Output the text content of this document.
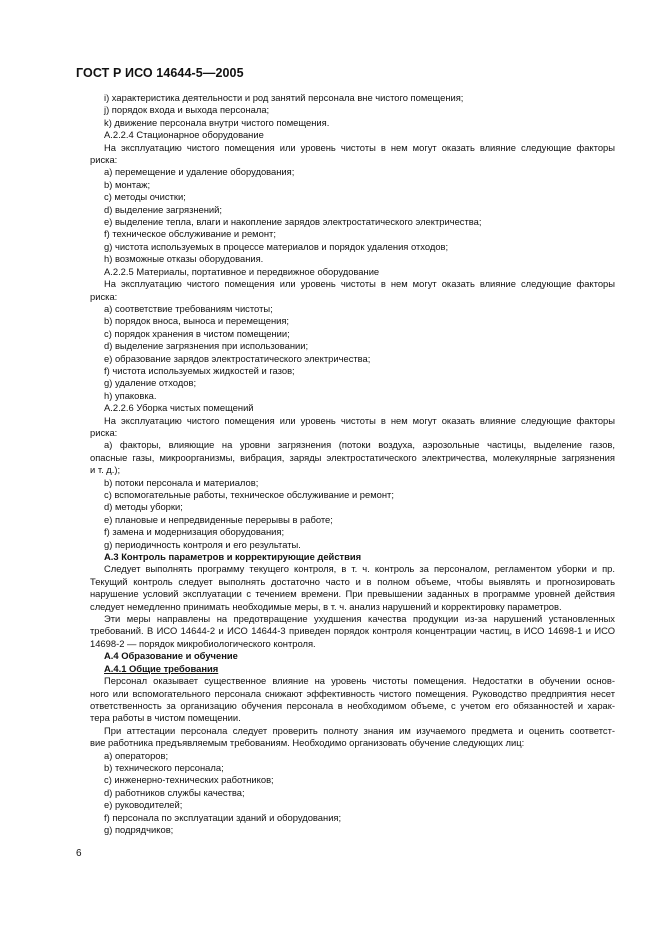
ГОСТ Р ИСО 14644-5—2005
i) характеристика деятельности и род занятий персонала вне чистого помещения;
j) порядок входа и выхода персонала;
k) движение персонала внутри чистого помещения.
A.2.2.4 Стационарное оборудование
На эксплуатацию чистого помещения или уровень чистоты в нем могут оказать влияние следующие факторы
риска:
a) перемещение и удаление оборудования;
b) монтаж;
c) методы очистки;
d) выделение загрязнений;
e) выделение тепла, влаги и накопление зарядов электростатического электричества;
f) техническое обслуживание и ремонт;
g) чистота используемых в процессе материалов и порядок удаления отходов;
h) возможные отказы оборудования.
A.2.2.5 Материалы, портативное и передвижное оборудование
На эксплуатацию чистого помещения или уровень чистоты в нем могут оказать влияние следующие факторы
риска:
a) соответствие требованиям чистоты;
b) порядок вноса, выноса и перемещения;
c) порядок хранения в чистом помещении;
d) выделение загрязнения при использовании;
e) образование зарядов электростатического электричества;
f) чистота используемых жидкостей и газов;
g) удаление отходов;
h) упаковка.
A.2.2.6 Уборка чистых помещений
На эксплуатацию чистого помещения или уровень чистоты в нем могут оказать влияние следующие факторы
риска:
a) факторы, влияющие на уровни загрязнения (потоки воздуха, аэрозольные частицы, выделение газов,
опасные газы, микроорганизмы, вибрация, заряды электростатического электричества, молекулярные загрязнения
и т. д.);
b) потоки персонала и материалов;
c) вспомогательные работы, техническое обслуживание и ремонт;
d) методы уборки;
e) плановые и непредвиденные перерывы в работе;
f) замена и модернизация оборудования;
g) периодичность контроля и его результаты.
A.3 Контроль параметров и корректирующие действия
Следует выполнять программу текущего контроля, в т. ч. контроль за персоналом, регламентом уборки и пр.
Текущий контроль следует выполнять достаточно часто и в полном объеме, чтобы выявлять и прогнозировать
нарушение условий эксплуатации с течением времени. При превышении заданных в программе уровней действия
следует немедленно принимать необходимые меры, в т. ч. анализ нарушений и корректировку параметров.
Эти меры направлены на предотвращение ухудшения качества продукции из-за нарушений установленных
требований. В ИСО 14644-2 и ИСО 14644-3 приведен порядок контроля концентрации частиц, в ИСО 14698-1 и ИСО
14698-2 — порядок микробиологического контроля.
A.4 Образование и обучение
A.4.1 Общие требования
Персонал оказывает существенное влияние на уровень чистоты помещения. Недостатки в обучении основ-
ного или вспомогательного персонала снижают эффективность чистого помещения. Руководство предприятия несет
ответственность за организацию обучения персонала в необходимом объеме, с учетом его обязанностей и харак-
тера работы в чистом помещении.
При аттестации персонала следует проверить полноту знания им изучаемого предмета и оценить соответст-
вие работника предъявляемым требованиям. Необходимо организовать обучение следующих лиц:
a) операторов;
b) технического персонала;
c) инженерно-технических работников;
d) работников службы качества;
e) руководителей;
f) персонала по эксплуатации зданий и оборудования;
g) подрядчиков;
6
